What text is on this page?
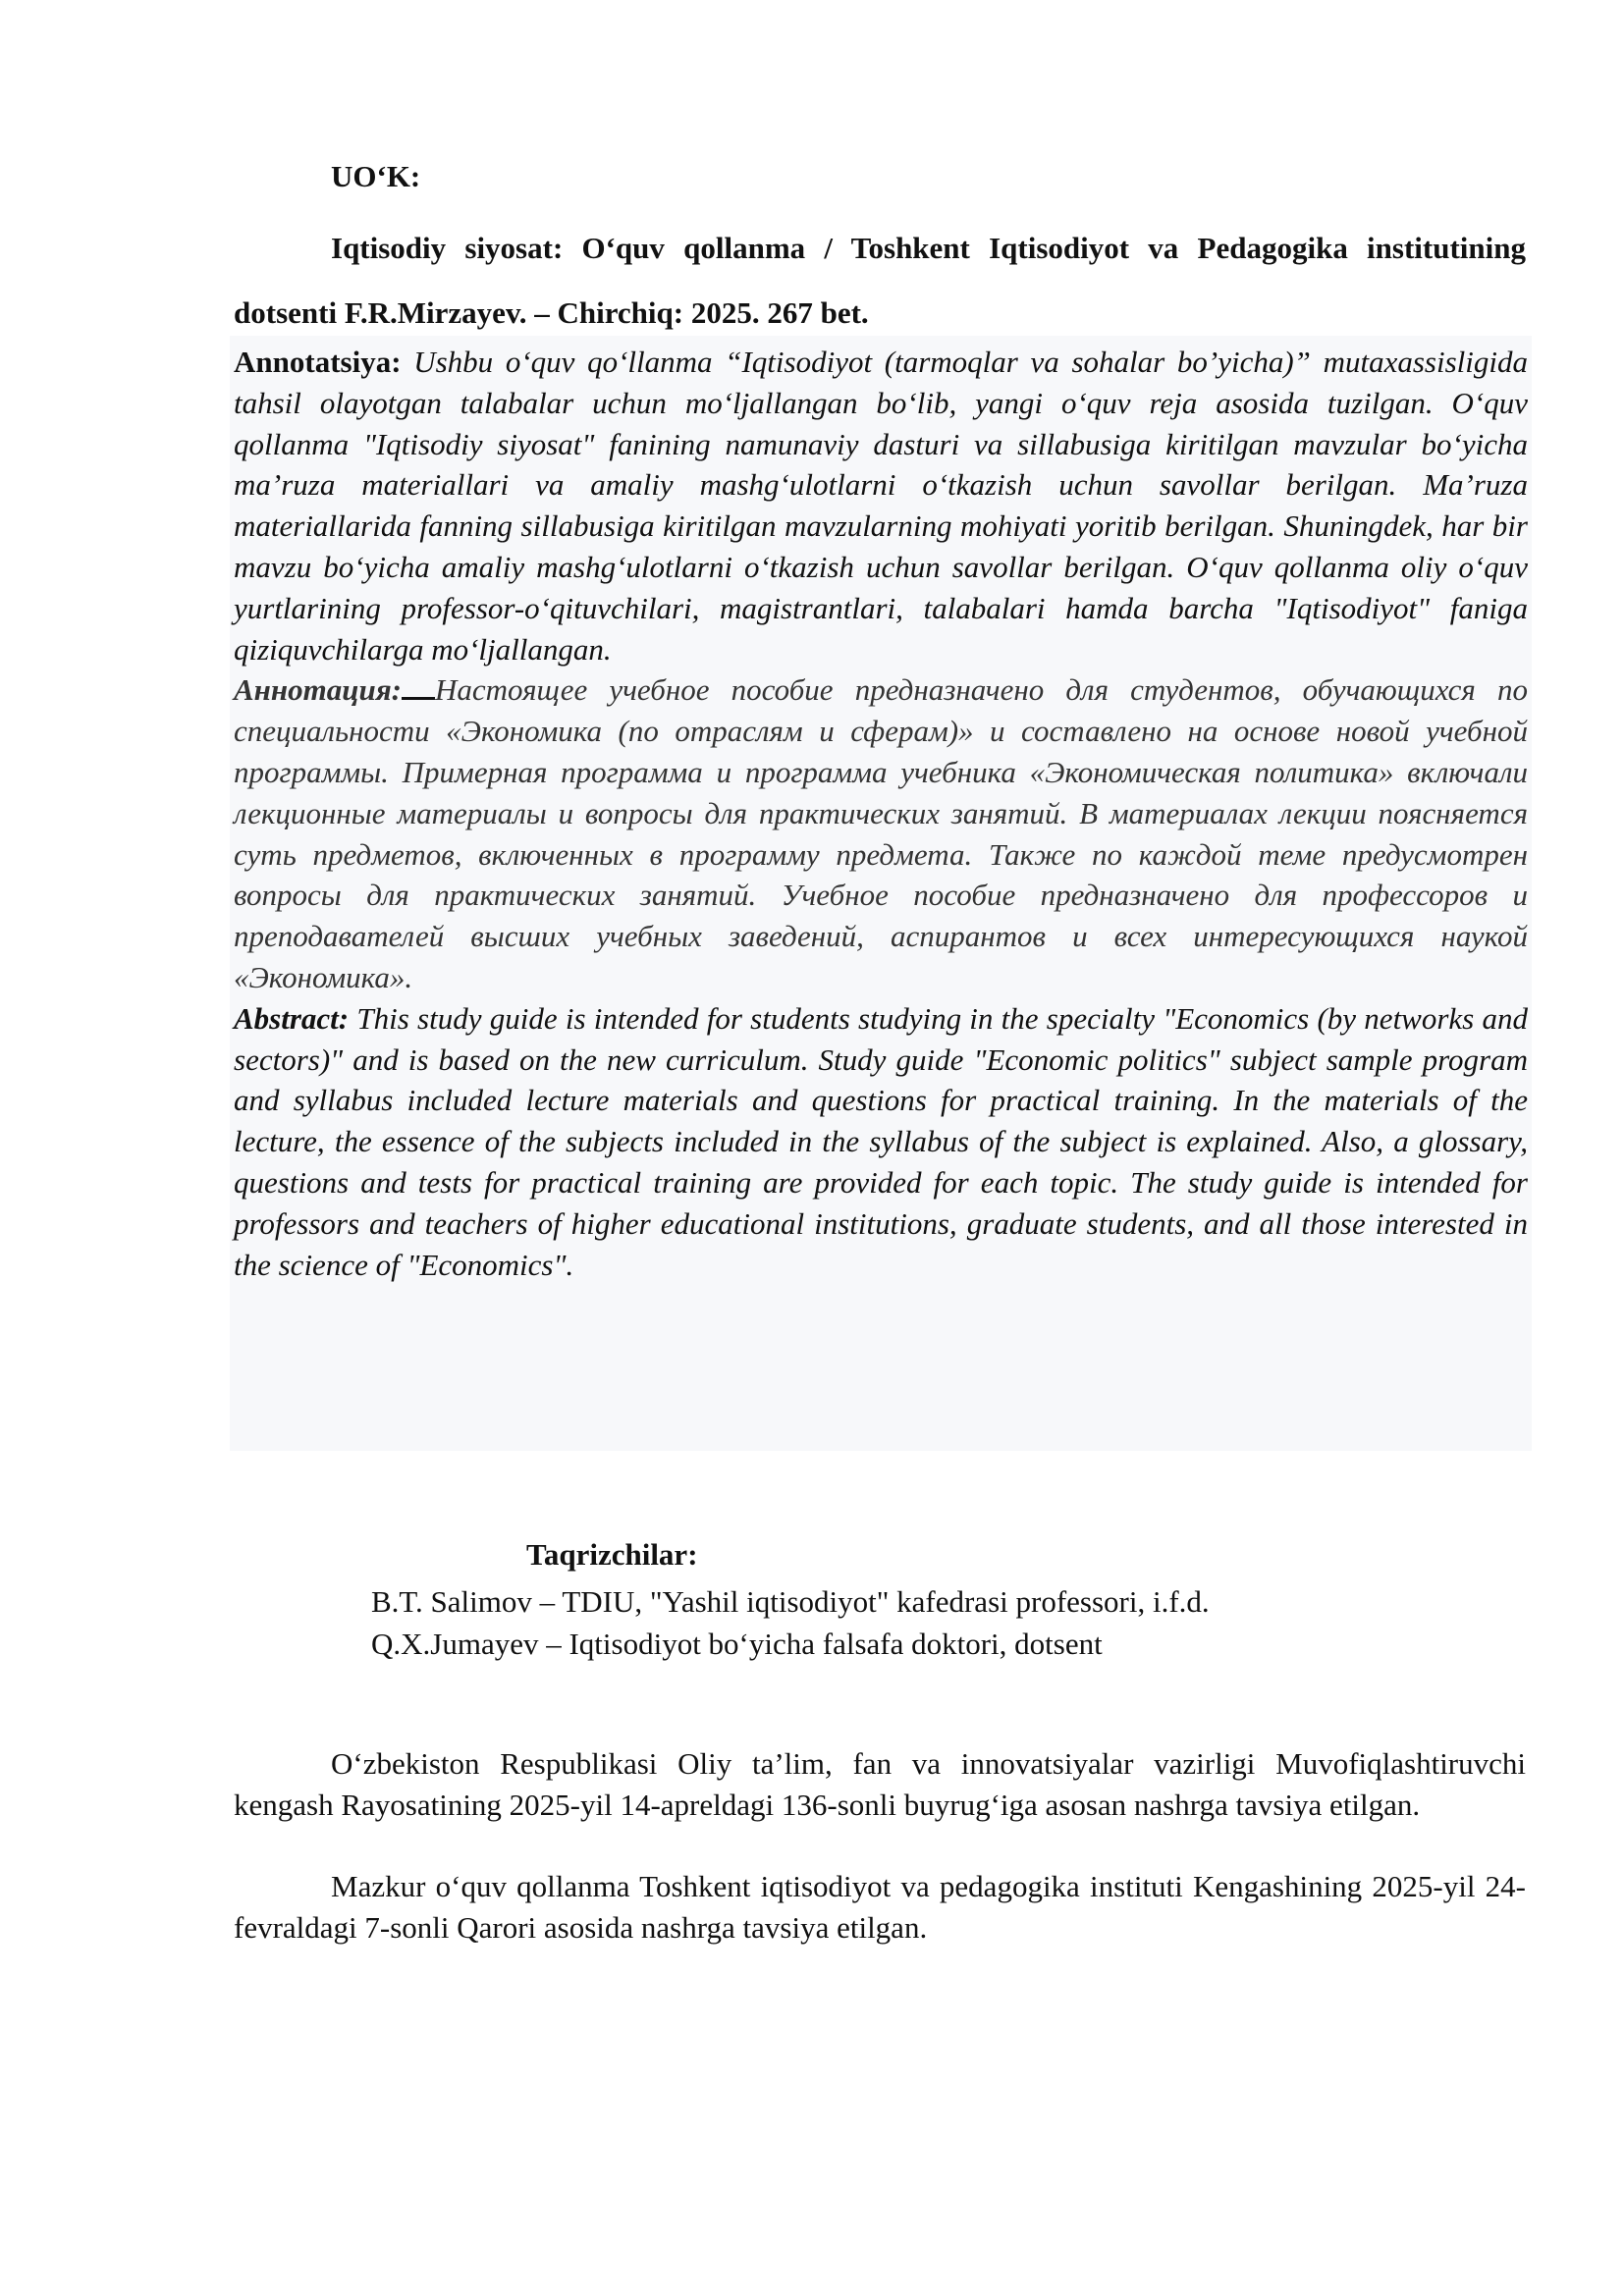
UO‘K:

Iqtisodiy siyosat: O‘quv qollanma / Toshkent Iqtisodiyot va Pedagogika institutining dotsenti F.R.Mirzayev. – Chirchiq: 2025. 267 bet.

Annotatsiya: Ushbu o‘quv qo‘llanma “Iqtisodiyot (tarmoqlar va sohalar bo’yicha)” mutaxassisligida tahsil olayotgan talabalar uchun mo‘ljallangan bo‘lib, yangi o‘quv reja asosida tuzilgan. O‘quv qollanma "Iqtisodiy siyosat" fanining namunaviy dasturi va sillabusiga kiritilgan mavzular bo‘yicha ma’ruza materiallari va amaliy mashg‘ulotlarni o‘tkazish uchun savollar berilgan. Ma’ruza materiallarida fanning sillabusiga kiritilgan mavzularning mohiyati yoritib berilgan. Shuningdek, har bir mavzu bo‘yicha amaliy mashg‘ulotlarni o‘tkazish uchun savollar berilgan. O‘quv qollanma oliy o‘quv yurtlarining professor-o‘qituvchilari, magistrantlari, talabalari hamda barcha "Iqtisodiyot" faniga qiziquvchilarga mo‘ljallangan.

Аннотация: Настоящее учебное пособие предназначено для студентов, обучающихся по специальности «Экономика (по отраслям и сферам)» и составлено на основе новой учебной программы. Примерная программа и программа учебника «Экономическая политика» включали лекционные материалы и вопросы для практических занятий. В материалах лекции поясняется суть предметов, включенных в программу предмета. Также по каждой теме предусмотрен вопросы для практических занятий. Учебное пособие предназначено для профессоров и преподавателей высших учебных заведений, аспирантов и всех интересующихся наукой «Экономика».

Abstract: This study guide is intended for students studying in the specialty "Economics (by networks and sectors)" and is based on the new curriculum. Study guide "Economic politics" subject sample program and syllabus included lecture materials and questions for practical training. In the materials of the lecture, the essence of the subjects included in the syllabus of the subject is explained. Also, a glossary, questions and tests for practical training are provided for each topic. The study guide is intended for professors and teachers of higher educational institutions, graduate students, and all those interested in the science of "Economics".

Taqrizchilar:
B.T. Salimov – TDIU, "Yashil iqtisodiyot" kafedrasi professori, i.f.d.
Q.X.Jumayev – Iqtisodiyot bo‘yicha falsafa doktori, dotsent

O‘zbekiston Respublikasi Oliy ta’lim, fan va innovatsiyalar vazirligi Muvofiqlashtiruvchi kengash Rayosatining 2025-yil 14-apreldagi 136-sonli buyrug‘iga asosan nashrga tavsiya etilgan.

Mazkur o‘quv qollanma Toshkent iqtisodiyot va pedagogika instituti Kengashining 2025-yil 24-fevraldagi 7-sonli Qarori asosida nashrga tavsiya etilgan.
